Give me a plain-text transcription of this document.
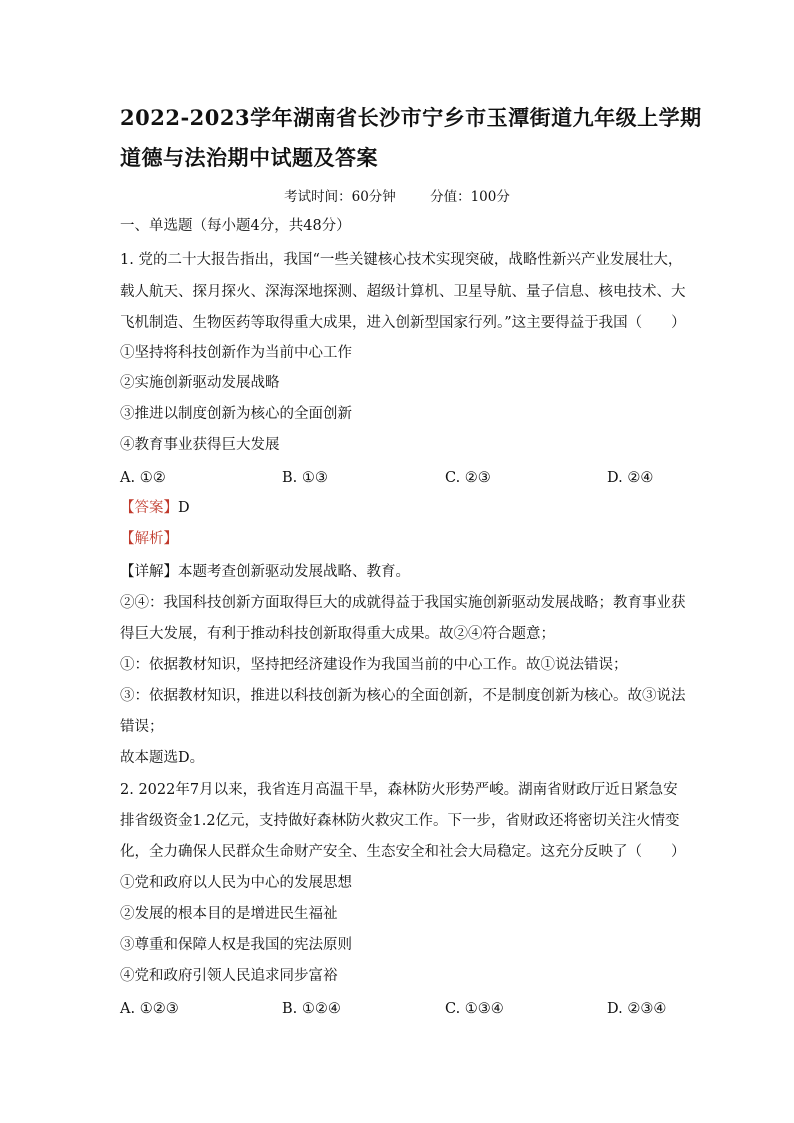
2022-2023学年湖南省长沙市宁乡市玉潭街道九年级上学期
道德与法治期中试题及答案
考试时间：60分钟	分值：100分
一、单选题（每小题4分，共48分）
1. 党的二十大报告指出，我国“一些关键核心技术实现突破，战略性新兴产业发展壮大，
载人航天、探月探火、深海深地探测、超级计算机、卫星导航、量子信息、核电技术、大
飞机制造、生物医药等取得重大成果，进入创新型国家行列。”这主要得益于我国（　　）
①坚持将科技创新作为当前中心工作
②实施创新驱动发展战略
③推进以制度创新为核心的全面创新
④教育事业获得巨大发展
A. ①②	B. ①③	C. ②③	D. ②④
【答案】D
【解析】
【详解】本题考查创新驱动发展战略、教育。
②④：我国科技创新方面取得巨大的成就得益于我国实施创新驱动发展战略；教育事业获
得巨大发展，有利于推动科技创新取得重大成果。故②④符合题意；
①：依据教材知识，坚持把经济建设作为我国当前的中心工作。故①说法错误；
③：依据教材知识，推进以科技创新为核心的全面创新，不是制度创新为核心。故③说法
错误；
故本题选D。
2. 2022年7月以来，我省连月高温干旱，森林防火形势严峻。湖南省财政厅近日紧急安
排省级资金1.2亿元，支持做好森林防火救灾工作。下一步，省财政还将密切关注火情变
化，全力确保人民群众生命财产安全、生态安全和社会大局稳定。这充分反映了（　　）
①党和政府以人民为中心的发展思想
②发展的根本目的是增进民生福祉
③尊重和保障人权是我国的宪法原则
④党和政府引领人民追求同步富裕
A. ①②③	B. ①②④	C. ①③④	D. ②③④
